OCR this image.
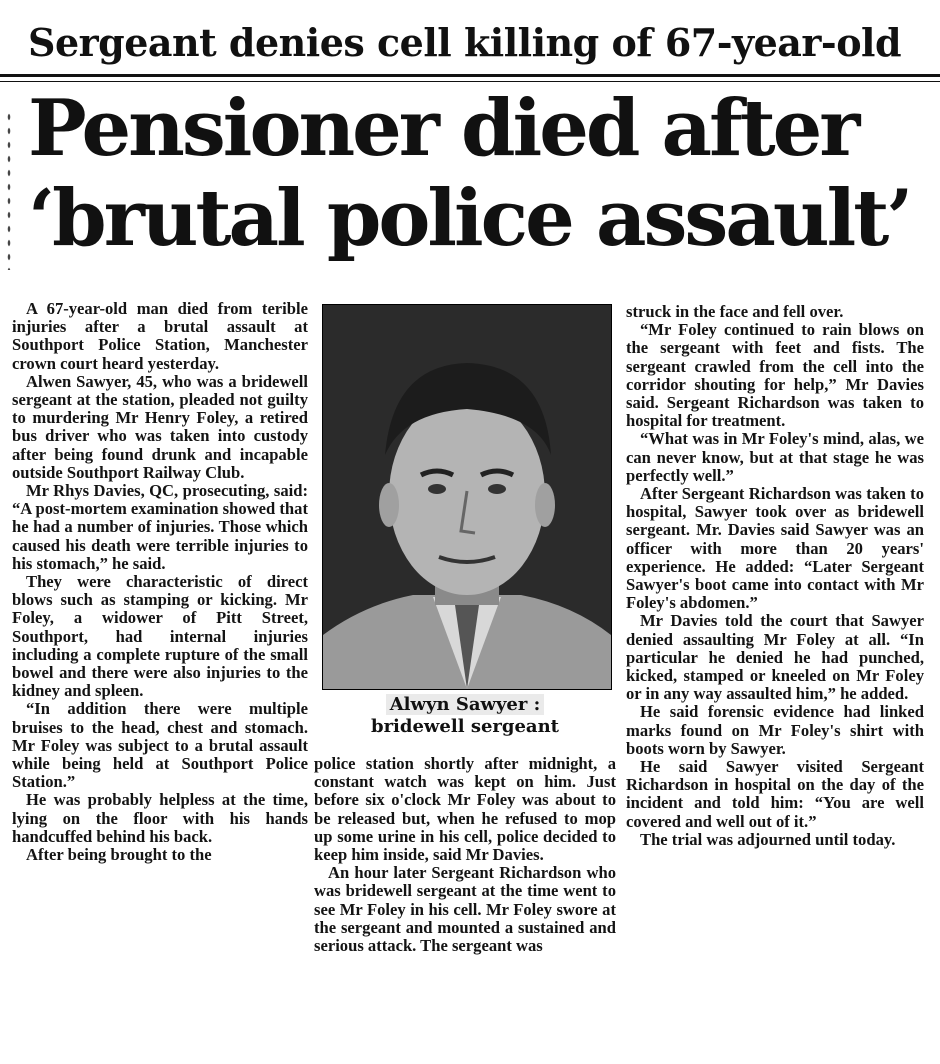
Sergeant denies cell killing of 67-year-old
Pensioner died after
‘brutal police assault’

A 67-year-old man died from terible injuries after a brutal assault at Southport Police Station, Manchester crown court heard yesterday.

Alwen Sawyer, 45, who was a bridewell sergeant at the station, pleaded not guilty to murdering Mr Henry Foley, a retired bus driver who was taken into custody after being found drunk and incapable outside Southport Railway Club.

Mr Rhys Davies, QC, prosecuting, said: “A post-mortem examination showed that he had a number of injuries. Those which caused his death were terrible injuries to his stomach,” he said.

They were characteristic of direct blows such as stamping or kicking. Mr Foley, a widower of Pitt Street, Southport, had internal injuries including a complete rupture of the small bowel and there were also injuries to the kidney and spleen.

“In addition there were multiple bruises to the head, chest and stomach. Mr Foley was subject to a brutal assault while being held at Southport Police Station.”

He was probably helpless at the time, lying on the floor with his hands handcuffed behind his back.

After being brought to the

Alwyn Sawyer :
bridewell sergeant

police station shortly after midnight, a constant watch was kept on him. Just before six o'clock Mr Foley was about to be released but, when he refused to mop up some urine in his cell, police decided to keep him inside, said Mr Davies.

An hour later Sergeant Richardson who was bridewell sergeant at the time went to see Mr Foley in his cell. Mr Foley swore at the sergeant and mounted a sustained and serious attack. The sergeant was

struck in the face and fell over.

“Mr Foley continued to rain blows on the sergeant with feet and fists. The sergeant crawled from the cell into the corridor shouting for help,” Mr Davies said. Sergeant Richardson was taken to hospital for treatment.

“What was in Mr Foley's mind, alas, we can never know, but at that stage he was perfectly well.”

After Sergeant Richardson was taken to hospital, Sawyer took over as bridewell sergeant. Mr. Davies said Sawyer was an officer with more than 20 years' experience. He added: “Later Sergeant Sawyer's boot came into contact with Mr Foley's abdomen.”

Mr Davies told the court that Sawyer denied assaulting Mr Foley at all. “In particular he denied he had punched, kicked, stamped or kneeled on Mr Foley or in any way assaulted him,” he added.

He said forensic evidence had linked marks found on Mr Foley's shirt with boots worn by Sawyer.

He said Sawyer visited Sergeant Richardson in hospital on the day of the incident and told him: “You are well covered and well out of it.”

The trial was adjourned until today.
